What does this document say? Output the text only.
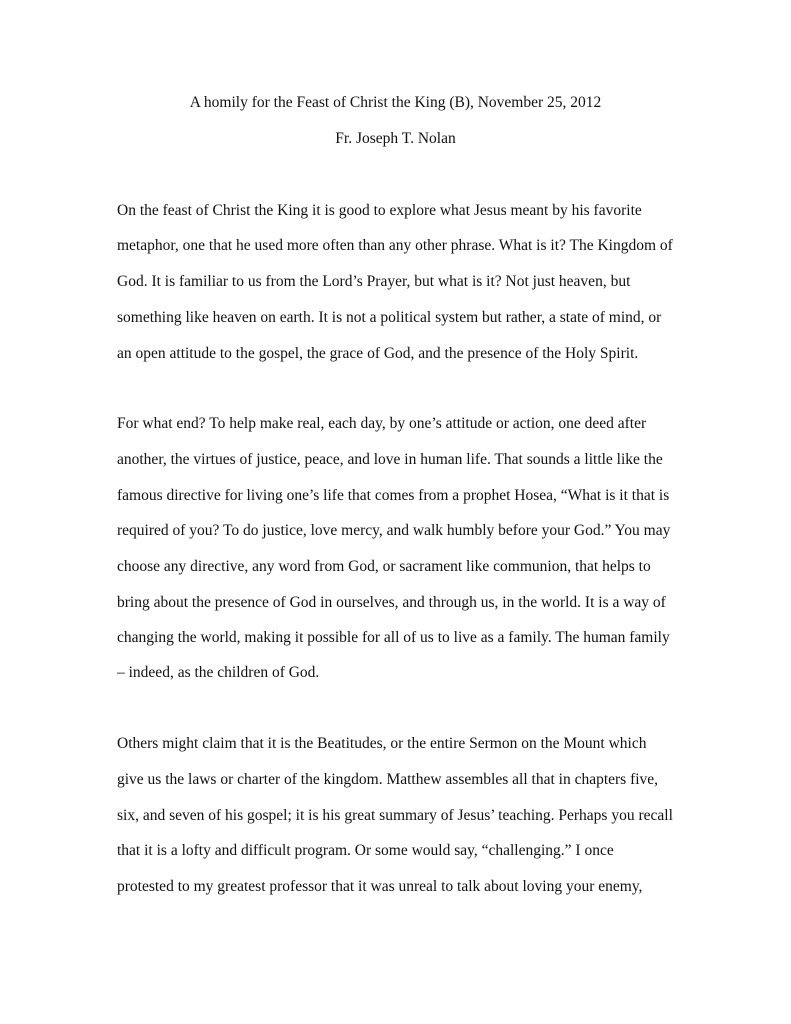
A homily for the Feast of Christ the King (B), November 25, 2012
Fr. Joseph T. Nolan
On the feast of Christ the King it is good to explore what Jesus meant by his favorite
metaphor, one that he used more often than any other phrase. What is it? The Kingdom of
God. It is familiar to us from the Lord’s Prayer, but what is it? Not just heaven, but
something like heaven on earth. It is not a political system but rather, a state of mind, or
an open attitude to the gospel, the grace of God, and the presence of the Holy Spirit.
For what end? To help make real, each day, by one’s attitude or action, one deed after
another, the virtues of justice, peace, and love in human life. That sounds a little like the
famous directive for living one’s life that comes from a prophet Hosea, “What is it that is
required of you? To do justice, love mercy, and walk humbly before your God.” You may
choose any directive, any word from God, or sacrament like communion, that helps to
bring about the presence of God in ourselves, and through us, in the world. It is a way of
changing the world, making it possible for all of us to live as a family. The human family
– indeed, as the children of God.
Others might claim that it is the Beatitudes, or the entire Sermon on the Mount which
give us the laws or charter of the kingdom. Matthew assembles all that in chapters five,
six, and seven of his gospel; it is his great summary of Jesus’ teaching. Perhaps you recall
that it is a lofty and difficult program. Or some would say, “challenging.” I once
protested to my greatest professor that it was unreal to talk about loving your enemy,
